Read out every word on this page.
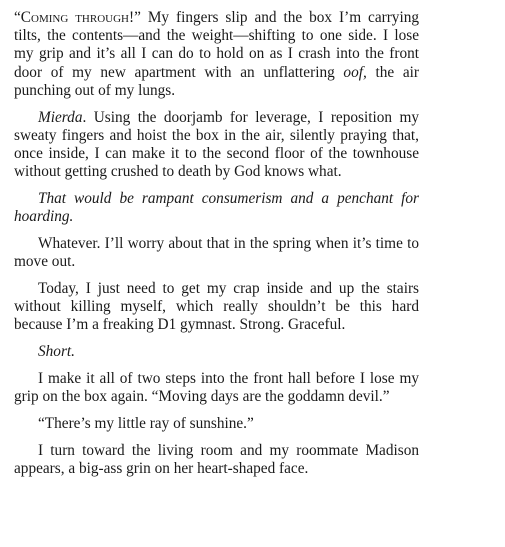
“Coming through!” My fingers slip and the box I’m carrying tilts, the contents—and the weight—shifting to one side. I lose my grip and it’s all I can do to hold on as I crash into the front door of my new apartment with an unflattering oof, the air punching out of my lungs.

Mierda. Using the doorjamb for leverage, I reposition my sweaty fingers and hoist the box in the air, silently praying that, once inside, I can make it to the second floor of the townhouse without getting crushed to death by God knows what.

That would be rampant consumerism and a penchant for hoarding.

Whatever. I’ll worry about that in the spring when it’s time to move out.

Today, I just need to get my crap inside and up the stairs without killing myself, which really shouldn’t be this hard because I’m a freaking D1 gymnast. Strong. Graceful.

Short.

I make it all of two steps into the front hall before I lose my grip on the box again. “Moving days are the goddamn devil.”

“There’s my little ray of sunshine.”

I turn toward the living room and my roommate Madison appears, a big-ass grin on her heart-shaped face.
